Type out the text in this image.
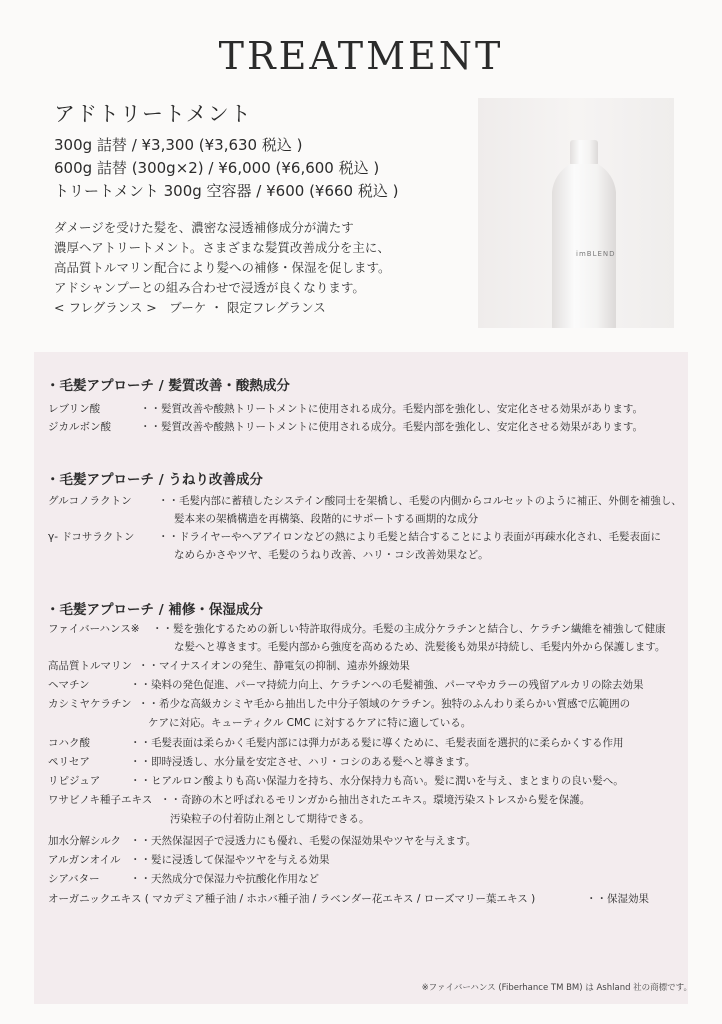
TREATMENT
アドトリートメント
300g 詰替 / ¥3,300 (¥3,630 税込 )
600g 詰替 (300g×2) / ¥6,000 (¥6,600 税込 )
トリートメント 300g 空容器 / ¥600 (¥660 税込 )
ダメージを受けた髪を、濃密な浸透補修成分が満たす
濃厚ヘアトリートメント。さまざまな髪質改善成分を主に、
高品質トルマリン配合により髪への補修・保湿を促します。
アドシャンプーとの組み合わせで浸透が良くなります。
< フレグランス >　ブーケ ・ 限定フレグランス
imBLEND
・毛髪アプローチ / 髪質改善・酸熱成分
レブリン酸	・・髪質改善や酸熱トリートメントに使用される成分。毛髪内部を強化し、安定化させる効果があります。
ジカルボン酸	・・髪質改善や酸熱トリートメントに使用される成分。毛髪内部を強化し、安定化させる効果があります。
・毛髪アプローチ / うねり改善成分
グルコノラクトン	・・毛髪内部に蓄積したシステイン酸同士を架橋し、毛髪の内側からコルセットのように補正、外側を補強し、
髪本来の架橋構造を再構築、段階的にサポートする画期的な成分
γ- ドコサラクトン ・・ドライヤーやヘアアイロンなどの熱により毛髪と結合することにより表面が再疎水化され、毛髪表面に
なめらかさやツヤ、毛髪のうねり改善、ハリ・コシ改善効果など。
・毛髪アプローチ / 補修・保湿成分
ファイバーハンス※ ・・髪を強化するための新しい特許取得成分。毛髪の主成分ケラチンと結合し、ケラチン繊維を補強して健康
な髪へと導きます。毛髪内部から強度を高めるため、洗髪後も効果が持続し、毛髪内外から保護します。
高品質トルマリン ・・マイナスイオンの発生、静電気の抑制、遠赤外線効果
ヘマチン	・・染料の発色促進、パーマ持続力向上、ケラチンへの毛髪補強、パーマやカラーの残留アルカリの除去効果
カシミヤケラチン ・・希少な高級カシミヤ毛から抽出した中分子領域のケラチン。独特のふんわり柔らかい質感で広範囲の
ケアに対応。キューティクル CMC に対するケアに特に適している。
コハク酸	・・毛髪表面は柔らかく毛髪内部には弾力がある髪に導くために、毛髪表面を選択的に柔らかくする作用
ペリセア	・・即時浸透し、水分量を安定させ、ハリ・コシのある髪へと導きます。
リピジュア	・・ヒアルロン酸よりも高い保湿力を持ち、水分保持力も高い。髪に潤いを与え、まとまりの良い髪へ。
ワサビノキ種子エキス ・・奇跡の木と呼ばれるモリンガから抽出されたエキス。環境汚染ストレスから髪を保護。
汚染粒子の付着防止剤として期待できる。
加水分解シルク ・・天然保湿因子で浸透力にも優れ、毛髪の保湿効果やツヤを与えます。
アルガンオイル ・・髪に浸透して保湿やツヤを与える効果
シアバター	・・天然成分で保湿力や抗酸化作用など
オーガニックエキス ( マカデミア種子油 / ホホバ種子油 / ラベンダー花エキス / ローズマリー葉エキス )	・・保湿効果
※ファイバーハンス (Fiberhance TM BM) は Ashland 社の商標です。
